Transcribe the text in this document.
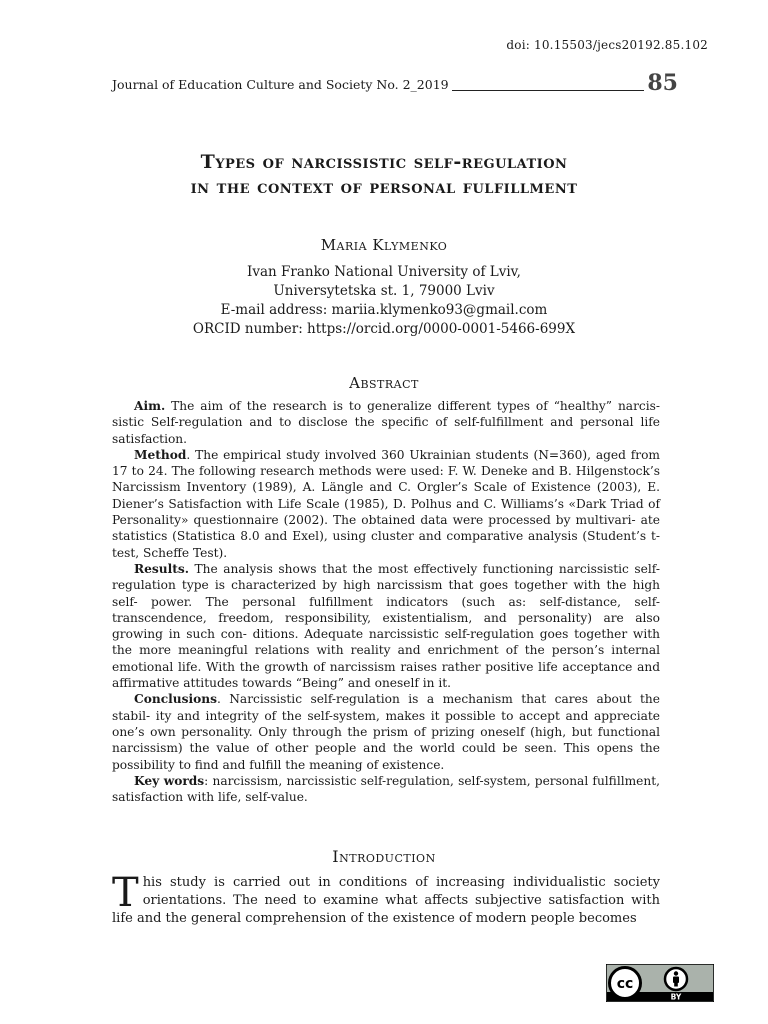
doi: 10.15503/jecs20192.85.102
Journal of Education Culture and Society No. 2_2019	85
Types of narcissistic self-regulation
in the context of personal fulfillment
Maria Klymenko
Ivan Franko National University of Lviv,
Universytetska st. 1, 79000 Lviv
E-mail address: mariia.klymenko93@gmail.com
ORCID number: https://orcid.org/0000-0001-5466-699X
Abstract

Aim. The aim of the research is to generalize different types of “healthy” narcis- sistic Self-regulation and to disclose the specific of self-fulfillment and personal life satisfaction.

Method. The empirical study involved 360 Ukrainian students (N=360), aged from 17 to 24. The following research methods were used: F. W. Deneke and B. Hilgenstock’s Narcissism Inventory (1989), A. Längle and C. Orgler’s Scale of Existence (2003), E. Diener’s Satisfaction with Life Scale (1985), D. Polhus and C. Williams’s «Dark Triad of Personality» questionnaire (2002). The obtained data were processed by multivari- ate statistics (Statistica 8.0 and Exel), using cluster and comparative analysis (Student’s t-test, Scheffe Test).

Results. The analysis shows that the most effectively functioning narcissistic self-regulation type is characterized by high narcissism that goes together with the high self- power. The personal fulfillment indicators (such as: self-distance, self-transcendence, freedom, responsibility, existentialism, and personality) are also growing in such con- ditions. Adequate narcissistic self-regulation goes together with the more meaningful relations with reality and enrichment of the person’s internal emotional life. With the growth of narcissism raises rather positive life acceptance and affirmative attitudes towards “Being” and oneself in it.

Conclusions. Narcissistic self-regulation is a mechanism that cares about the stabil- ity and integrity of the self-system, makes it possible to accept and appreciate one’s own personality. Only through the prism of prizing oneself (high, but functional narcissism) the value of other people and the world could be seen. This opens the possibility to find and fulfill the meaning of existence.

Key words: narcissism, narcissistic self-regulation, self-system, personal fulfillment, satisfaction with life, self-value.

Introduction

This study is carried out in conditions of increasing individualistic society orientations. The need to examine what affects subjective satisfaction with life and the general comprehension of the existence of modern people becomes

cc
BY
